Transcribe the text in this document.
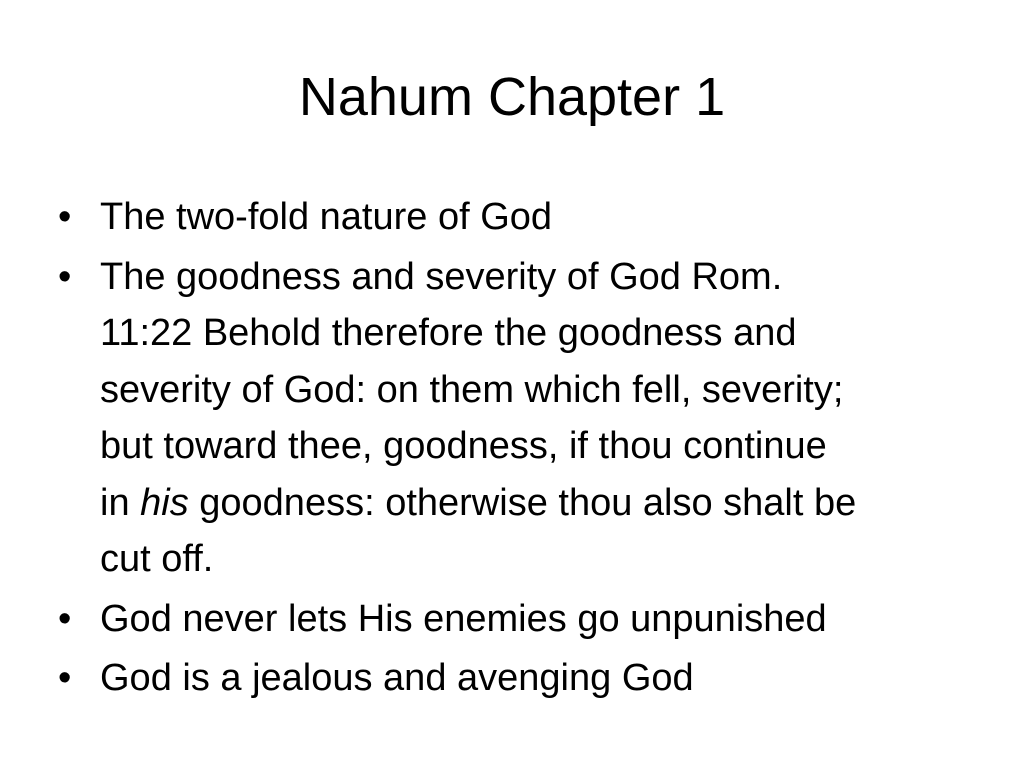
Nahum Chapter 1
• The two-fold nature of God
• The goodness and severity of God Rom.
11:22 Behold therefore the goodness and
severity of God: on them which fell, severity;
but toward thee, goodness, if thou continue
in his goodness: otherwise thou also shalt be
cut off.
• God never lets His enemies go unpunished
• God is a jealous and avenging God
